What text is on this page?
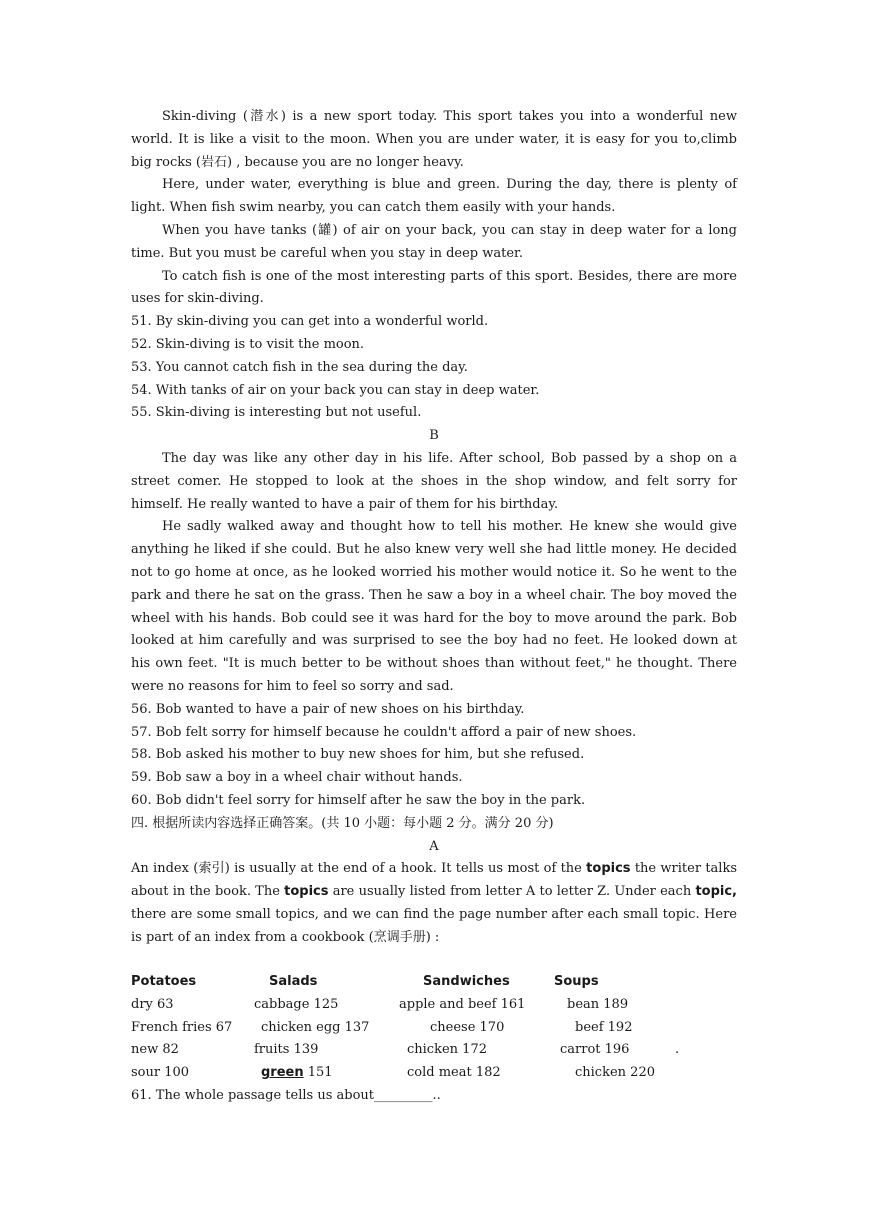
Skin-diving (潜水) is a new sport today. This sport takes you into a wonderful new world. It is like a visit to the moon. When you are under water, it is easy for you to,climb big rocks (岩石) , because you are no longer heavy.

Here, under water, everything is blue and green. During the day, there is plenty of light. When fish swim nearby, you can catch them easily with your hands.

When you have tanks (罐) of air on your back, you can stay in deep water for a long time. But you must be careful when you stay in deep water.

To catch fish is one of the most interesting parts of this sport. Besides, there are more uses for skin-diving.

51. By skin-diving you can get into a wonderful world.

52. Skin-diving is to visit the moon.

53. You cannot catch fish in the sea during the day.

54. With tanks of air on your back you can stay in deep water.

55. Skin-diving is interesting but not useful.

B

The day was like any other day in his life. After school, Bob passed by a shop on a street comer. He stopped to look at the shoes in the shop window, and felt sorry for himself. He really wanted to have a pair of them for his birthday.

He sadly walked away and thought how to tell his mother. He knew she would give anything he liked if she could. But he also knew very well she had little money. He decided not to go home at once, as he looked worried his mother would notice it. So he went to the park and there he sat on the grass. Then he saw a boy in a wheel chair. The boy moved the wheel with his hands. Bob could see it was hard for the boy to move around the park. Bob looked at him carefully and was surprised to see the boy had no feet. He looked down at his own feet. "It is much better to be without shoes than without feet," he thought. There were no reasons for him to feel so sorry and sad.

56. Bob wanted to have a pair of new shoes on his birthday.

57. Bob felt sorry for himself because he couldn't afford a pair of new shoes.

58. Bob asked his mother to buy new shoes for him, but she refused.

59. Bob saw a boy in a wheel chair without hands.

60. Bob didn't feel sorry for himself after he saw the boy in the park.

四. 根据所读内容选择正确答案。(共 10 小题：每小题 2 分。满分 20 分)

A

An index (索引) is usually at the end of a hook. It tells us most of the topics the writer talks about in the book. The topics are usually listed from letter A to letter Z. Under each topic, there are some small topics, and we can find the page number after each small topic. Here is part of an index from a cookbook (烹调手册) :

Potatoes	Salads	Sandwiches	Soups
dry 63	cabbage 125	apple and beef 161	bean 189
French fries 67 chicken egg 137	cheese 170	beef 192
new 82	fruits 139	chicken 172	carrot 196	.
sour 100	green 151	cold meat 182	chicken 220
61. The whole passage tells us about_________..
